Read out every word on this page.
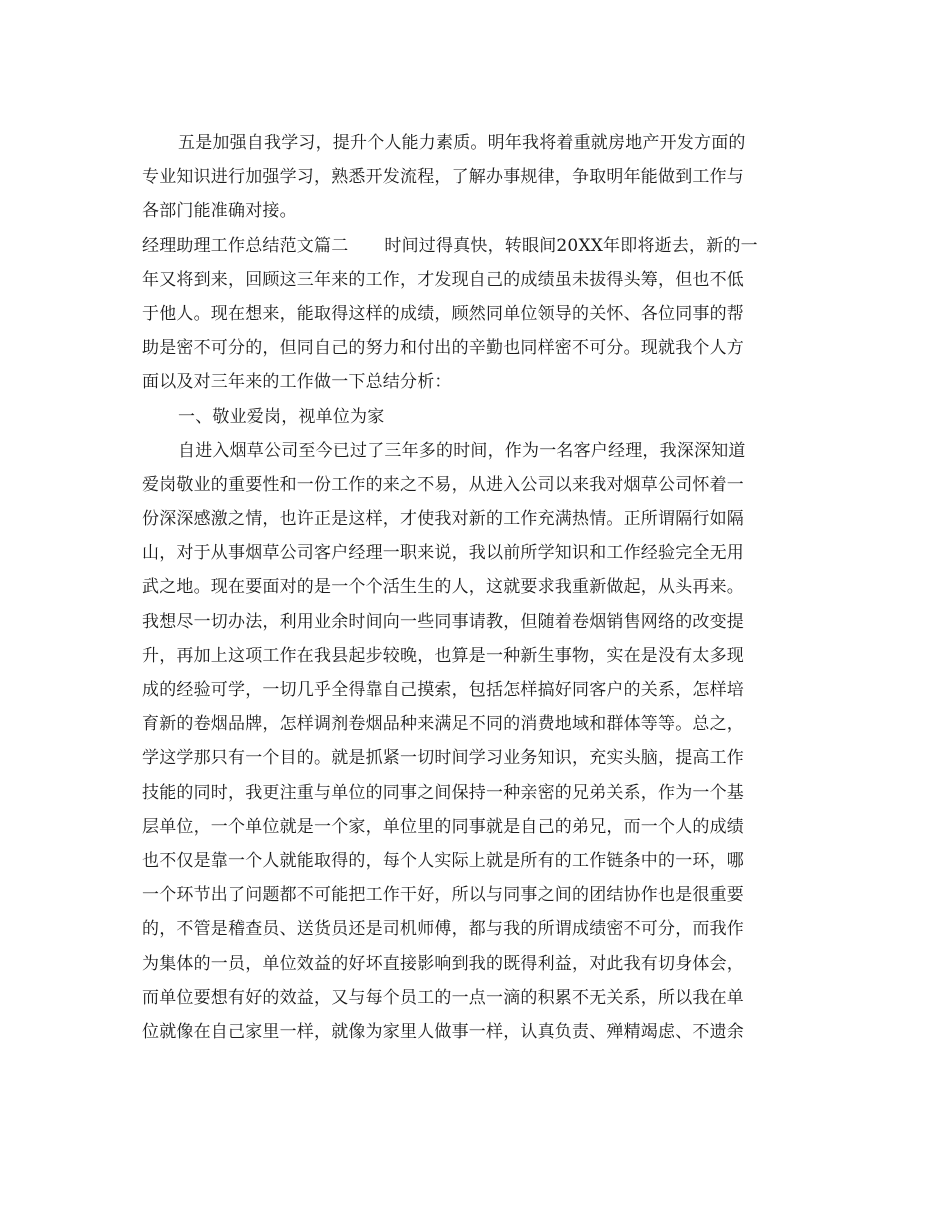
五是加强自我学习，提升个人能力素质。明年我将着重就房地产开发方面的
专业知识进行加强学习，熟悉开发流程，了解办事规律，争取明年能做到工作与
各部门能准确对接。
经理助理工作总结范文篇二 时间过得真快，转眼间20XX年即将逝去，新的一
年又将到来，回顾这三年来的工作，才发现自己的成绩虽未拔得头筹，但也不低
于他人。现在想来，能取得这样的成绩，顾然同单位领导的关怀、各位同事的帮
助是密不可分的，但同自己的努力和付出的辛勤也同样密不可分。现就我个人方
面以及对三年来的工作做一下总结分析：
一、敬业爱岗，视单位为家
自进入烟草公司至今已过了三年多的时间，作为一名客户经理，我深深知道
爱岗敬业的重要性和一份工作的来之不易，从进入公司以来我对烟草公司怀着一
份深深感激之情，也许正是这样，才使我对新的工作充满热情。正所谓隔行如隔
山，对于从事烟草公司客户经理一职来说，我以前所学知识和工作经验完全无用
武之地。现在要面对的是一个个活生生的人，这就要求我重新做起，从头再来。
我想尽一切办法，利用业余时间向一些同事请教，但随着卷烟销售网络的改变提
升，再加上这项工作在我县起步较晚，也算是一种新生事物，实在是没有太多现
成的经验可学，一切几乎全得靠自己摸索，包括怎样搞好同客户的关系，怎样培
育新的卷烟品牌，怎样调剂卷烟品种来满足不同的消费地域和群体等等。总之，
学这学那只有一个目的。就是抓紧一切时间学习业务知识，充实头脑，提高工作
技能的同时，我更注重与单位的同事之间保持一种亲密的兄弟关系，作为一个基
层单位，一个单位就是一个家，单位里的同事就是自己的弟兄，而一个人的成绩
也不仅是靠一个人就能取得的，每个人实际上就是所有的工作链条中的一环，哪
一个环节出了问题都不可能把工作干好，所以与同事之间的团结协作也是很重要
的，不管是稽查员、送货员还是司机师傅，都与我的所谓成绩密不可分，而我作
为集体的一员，单位效益的好坏直接影响到我的既得利益，对此我有切身体会，
而单位要想有好的效益，又与每个员工的一点一滴的积累不无关系，所以我在单
位就像在自己家里一样，就像为家里人做事一样，认真负责、殚精竭虑、不遗余
